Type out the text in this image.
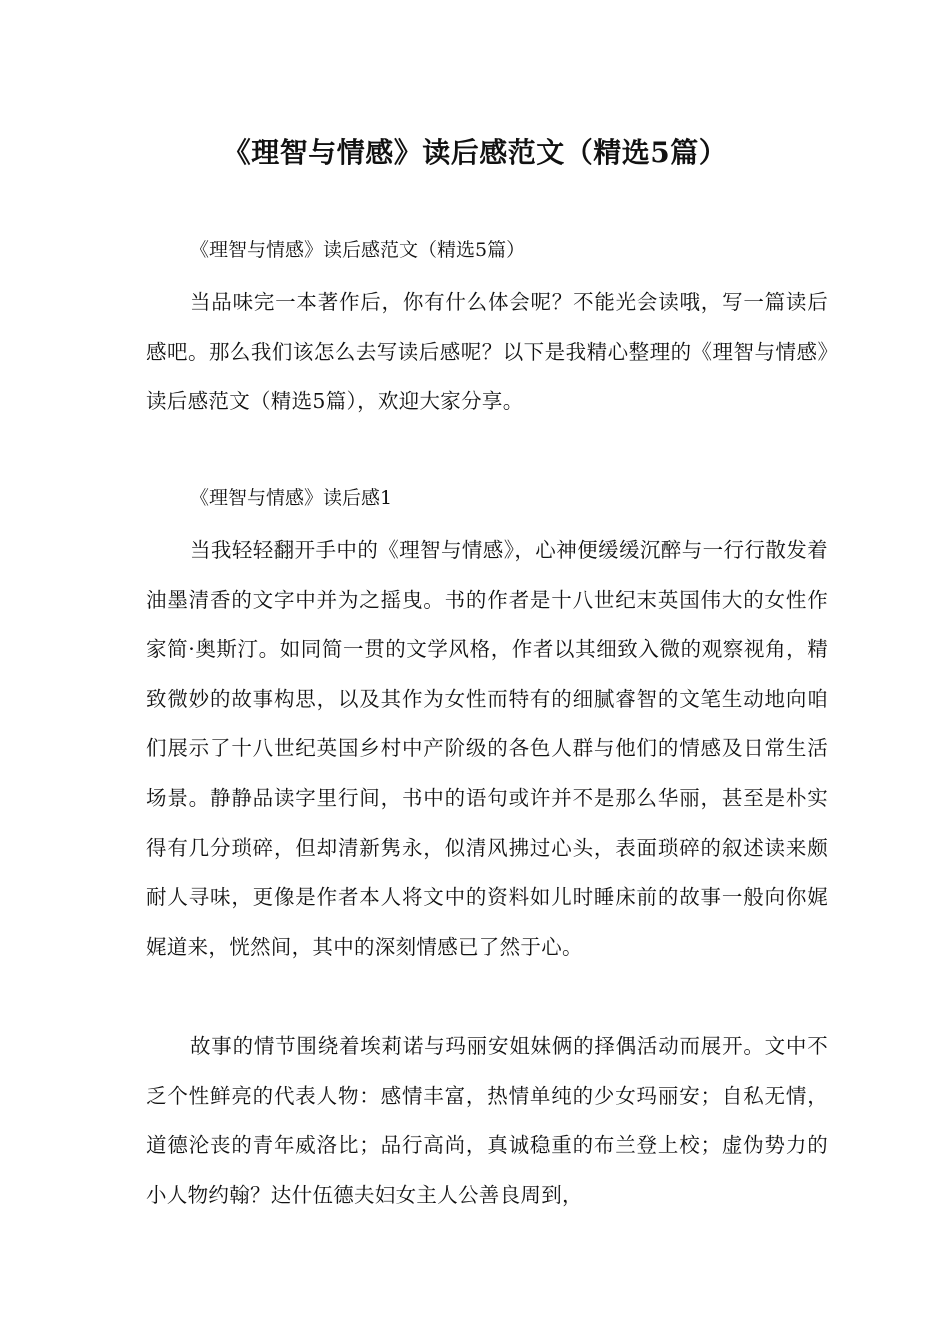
《理智与情感》读后感范文（精选5篇）

《理智与情感》读后感范文（精选5篇）

当品味完一本著作后，你有什么体会呢？不能光会读哦，写一篇读后感吧。那么我们该怎么去写读后感呢？以下是我精心整理的《理智与情感》读后感范文（精选5篇），欢迎大家分享。

《理智与情感》读后感1

当我轻轻翻开手中的《理智与情感》，心神便缓缓沉醉与一行行散发着油墨清香的文字中并为之摇曳。书的作者是十八世纪末英国伟大的女性作家简·奥斯汀。如同简一贯的文学风格，作者以其细致入微的观察视角，精致微妙的故事构思，以及其作为女性而特有的细腻睿智的文笔生动地向咱们展示了十八世纪英国乡村中产阶级的各色人群与他们的情感及日常生活场景。静静品读字里行间，书中的语句或许并不是那么华丽，甚至是朴实得有几分琐碎，但却清新隽永，似清风拂过心头，表面琐碎的叙述读来颇耐人寻味，更像是作者本人将文中的资料如儿时睡床前的故事一般向你娓娓道来，恍然间，其中的深刻情感已了然于心。

故事的情节围绕着埃莉诺与玛丽安姐妹俩的择偶活动而展开。文中不乏个性鲜亮的代表人物：感情丰富，热情单纯的少女玛丽安；自私无情，道德沦丧的青年威洛比；品行高尚，真诚稳重的布兰登上校；虚伪势力的小人物约翰？达什伍德夫妇女主人公善良周到，
